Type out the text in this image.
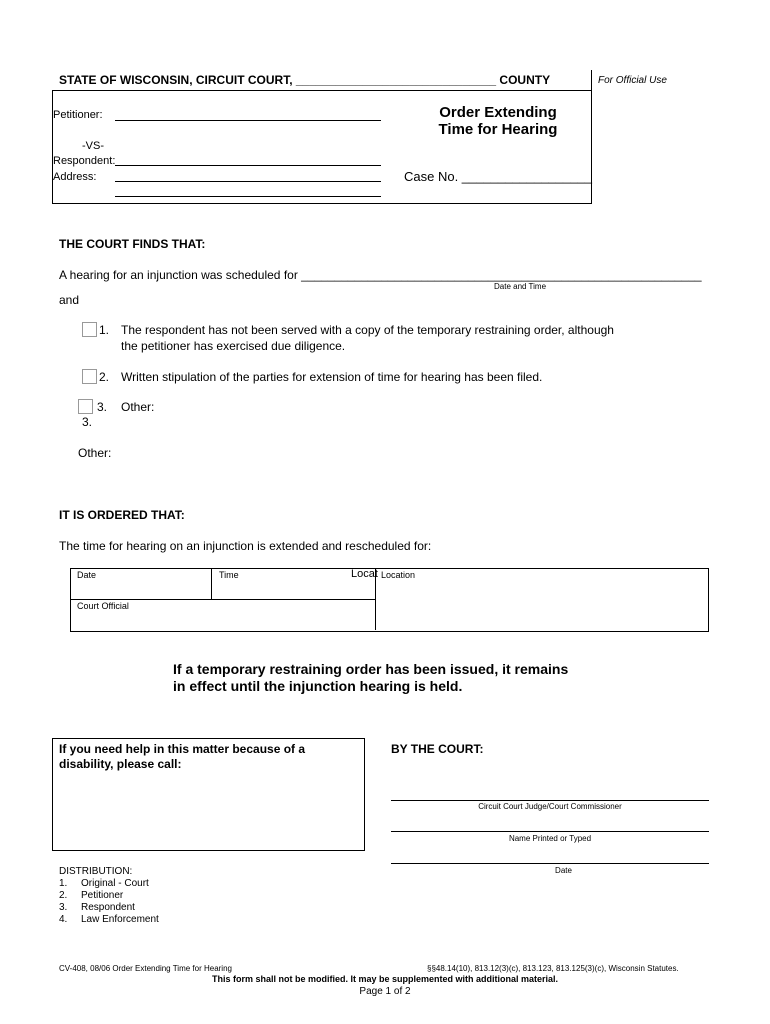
STATE OF WISCONSIN, CIRCUIT COURT, ______________________________ COUNTY	For Official Use
Petitioner:
-VS-
Respondent:
Address:
Order Extending
Time for Hearing
Case No. __________________
THE COURT FINDS THAT:
A hearing for an injunction was scheduled for ____________________________________________________________
Date and Time
and
1. The respondent has not been served with a copy of the temporary restraining order, although
the petitioner has exercised due diligence.
2. Written stipulation of the parties for extension of time for hearing has been filed.
3. Other:
3.
Other:
IT IS ORDERED THAT:
The time for hearing on an injunction is extended and rescheduled for:
Date	Time	Locat Location
Court Official
If a temporary restraining order has been issued, it remains
in effect until the injunction hearing is held.
If you need help in this matter because of a
disability, please call:
BY THE COURT:
Circuit Court Judge/Court Commissioner
Name Printed or Typed
Date
DISTRIBUTION:
1. Original - Court
2. Petitioner
3. Respondent
4. Law Enforcement
CV-408, 08/06 Order Extending Time for Hearing	§§48.14(10), 813.12(3)(c), 813.123, 813.125(3)(c), Wisconsin Statutes.
This form shall not be modified. It may be supplemented with additional material.
Page 1 of 2
